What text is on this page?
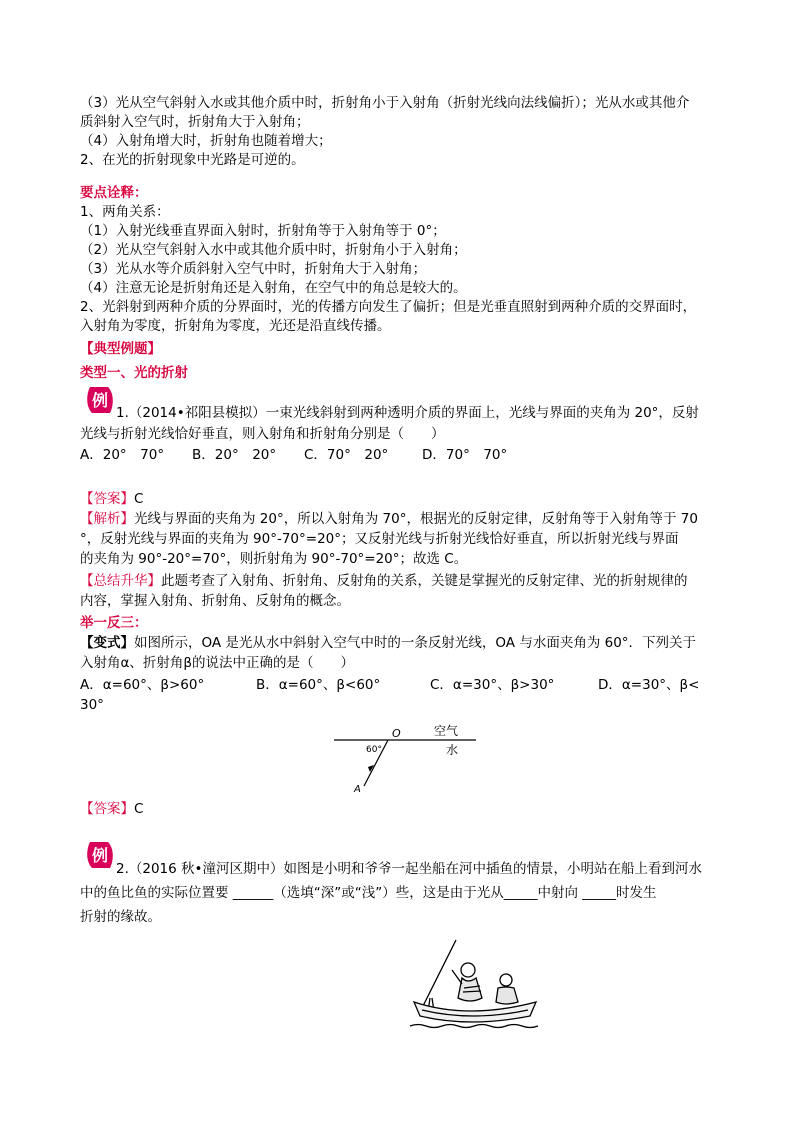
（3）光从空气斜射入水或其他介质中时，折射角小于入射角（折射光线向法线偏折）；光从水或其他介
质斜射入空气时，折射角大于入射角；
（4）入射角增大时，折射角也随着增大；
2、在光的折射现象中光路是可逆的。
要点诠释：
1、两角关系：
（1）入射光线垂直界面入射时，折射角等于入射角等于 0°；
（2）光从空气斜射入水中或其他介质中时，折射角小于入射角；
（3）光从水等介质斜射入空气中时，折射角大于入射角；
（4）注意无论是折射角还是入射角，在空气中的角总是较大的。
2、光斜射到两种介质的分界面时，光的传播方向发生了偏折；但是光垂直照射到两种介质的交界面时，
入射角为零度，折射角为零度，光还是沿直线传播。
【典型例题】
类型一、光的折射
例
1.（2014•祁阳县模拟）一束光线斜射到两种透明介质的界面上，光线与界面的夹角为 20°，反射
光线与折射光线恰好垂直，则入射角和折射角分别是（　　）
A．20°　70° B．20°　20° C．70°　20° D．70°　70°
【答案】C
【解析】光线与界面的夹角为 20°，所以入射角为 70°，根据光的反射定律，反射角等于入射角等于 70
°，反射光线与界面的夹角为 90°-70°=20°；又反射光线与折射光线恰好垂直，所以折射光线与界面
的夹角为 90°-20°=70°，则折射角为 90°-70°=20°；故选 C。
【总结升华】此题考查了入射角、折射角、反射角的关系，关键是掌握光的反射定律、光的折射规律的
内容，掌握入射角、折射角、反射角的概念。
举一反三：
【变式】如图所示，OA 是光从水中斜射入空气中时的一条反射光线，OA 与水面夹角为 60°．下列关于
入射角α、折射角β的说法中正确的是（　　）
A．α=60°、β>60°	B．α=60°、β<60°	C．α=30°、β>30°	D．α=30°、β<
30°
O	空气
60°	水
A
【答案】C
例
2.（2016 秋•潼河区期中）如图是小明和爷爷一起坐船在河中插鱼的情景，小明站在船上看到河水
中的鱼比鱼的实际位置要 ______（选填“深”或“浅”）些，这是由于光从_____中射向 _____时发生
折射的缘故。
